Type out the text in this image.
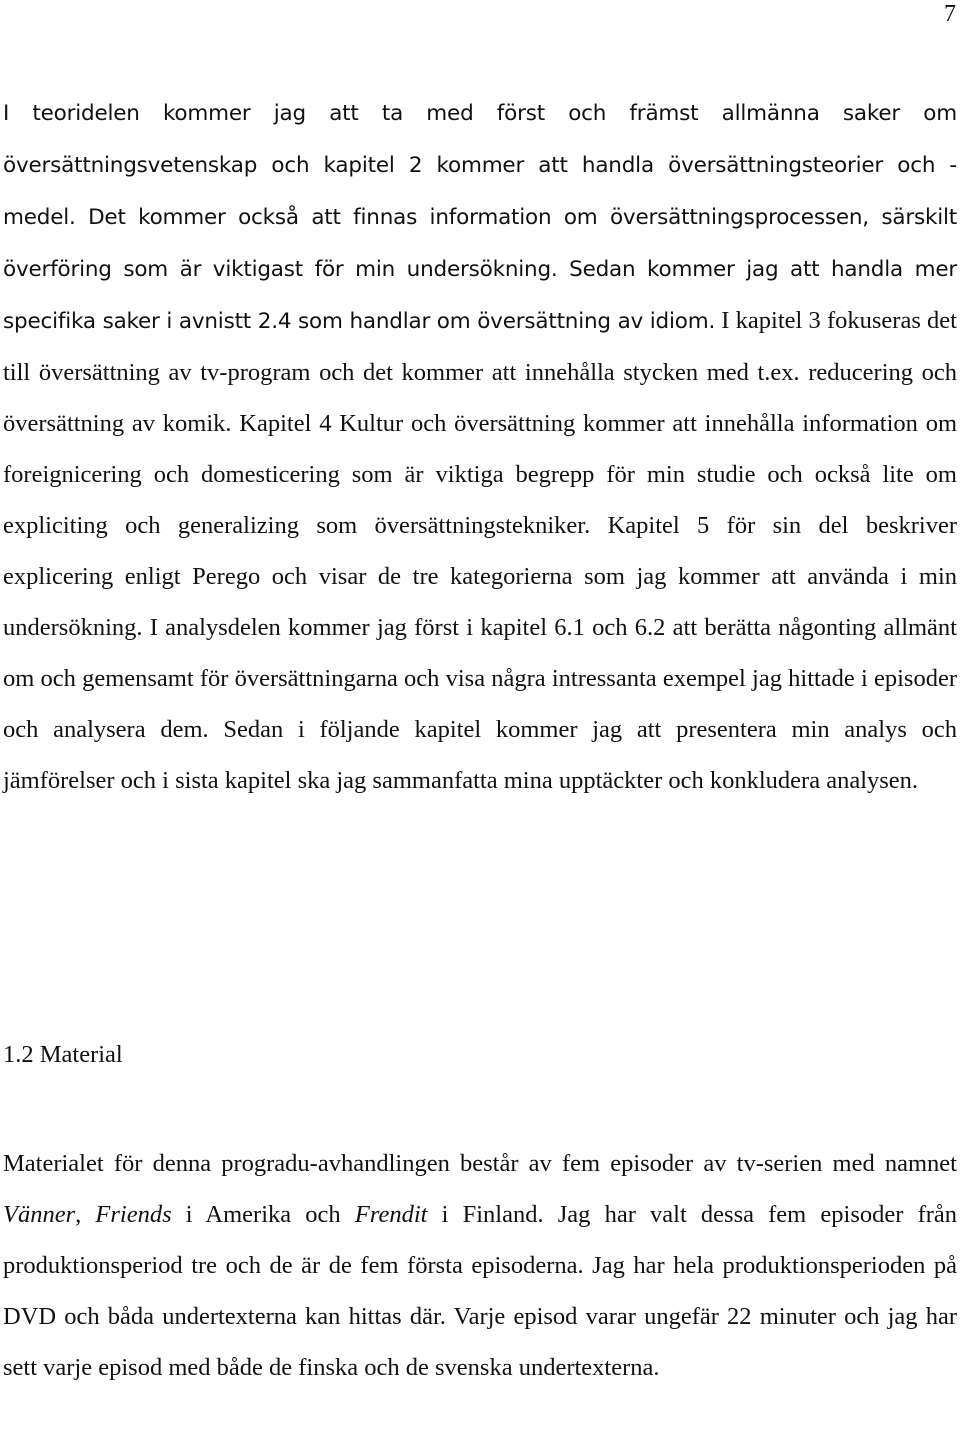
7

I teoridelen kommer jag att ta med först och främst allmänna saker om översättningsvetenskap och kapitel 2 kommer att handla översättningsteorier och -medel. Det kommer också att finnas information om översättningsprocessen, särskilt överföring som är viktigast för min undersökning. Sedan kommer jag att handla mer specifika saker i avnistt 2.4 som handlar om översättning av idiom. I kapitel 3 fokuseras det till översättning av tv-program och det kommer att innehålla stycken med t.ex. reducering och översättning av komik. Kapitel 4 Kultur och översättning kommer att innehålla information om foreignicering och domesticering som är viktiga begrepp för min studie och också lite om expliciting och generalizing som översättningstekniker. Kapitel 5 för sin del beskriver explicering enligt Perego och visar de tre kategorierna som jag kommer att använda i min undersökning. I analysdelen kommer jag först i kapitel 6.1 och 6.2 att berätta någonting allmänt om och gemensamt för översättningarna och visa några intressanta exempel jag hittade i episoder och analysera dem. Sedan i följande kapitel kommer jag att presentera min analys och jämförelser och i sista kapitel ska jag sammanfatta mina upptäckter och konkludera analysen.

1.2 Material

Materialet för denna progradu-avhandlingen består av fem episoder av tv-serien med namnet Vänner, Friends i Amerika och Frendit i Finland. Jag har valt dessa fem episoder från produktionsperiod tre och de är de fem första episoderna. Jag har hela produktionsperioden på DVD och båda undertexterna kan hittas där. Varje episod varar ungefär 22 minuter och jag har sett varje episod med både de finska och de svenska undertexterna.
